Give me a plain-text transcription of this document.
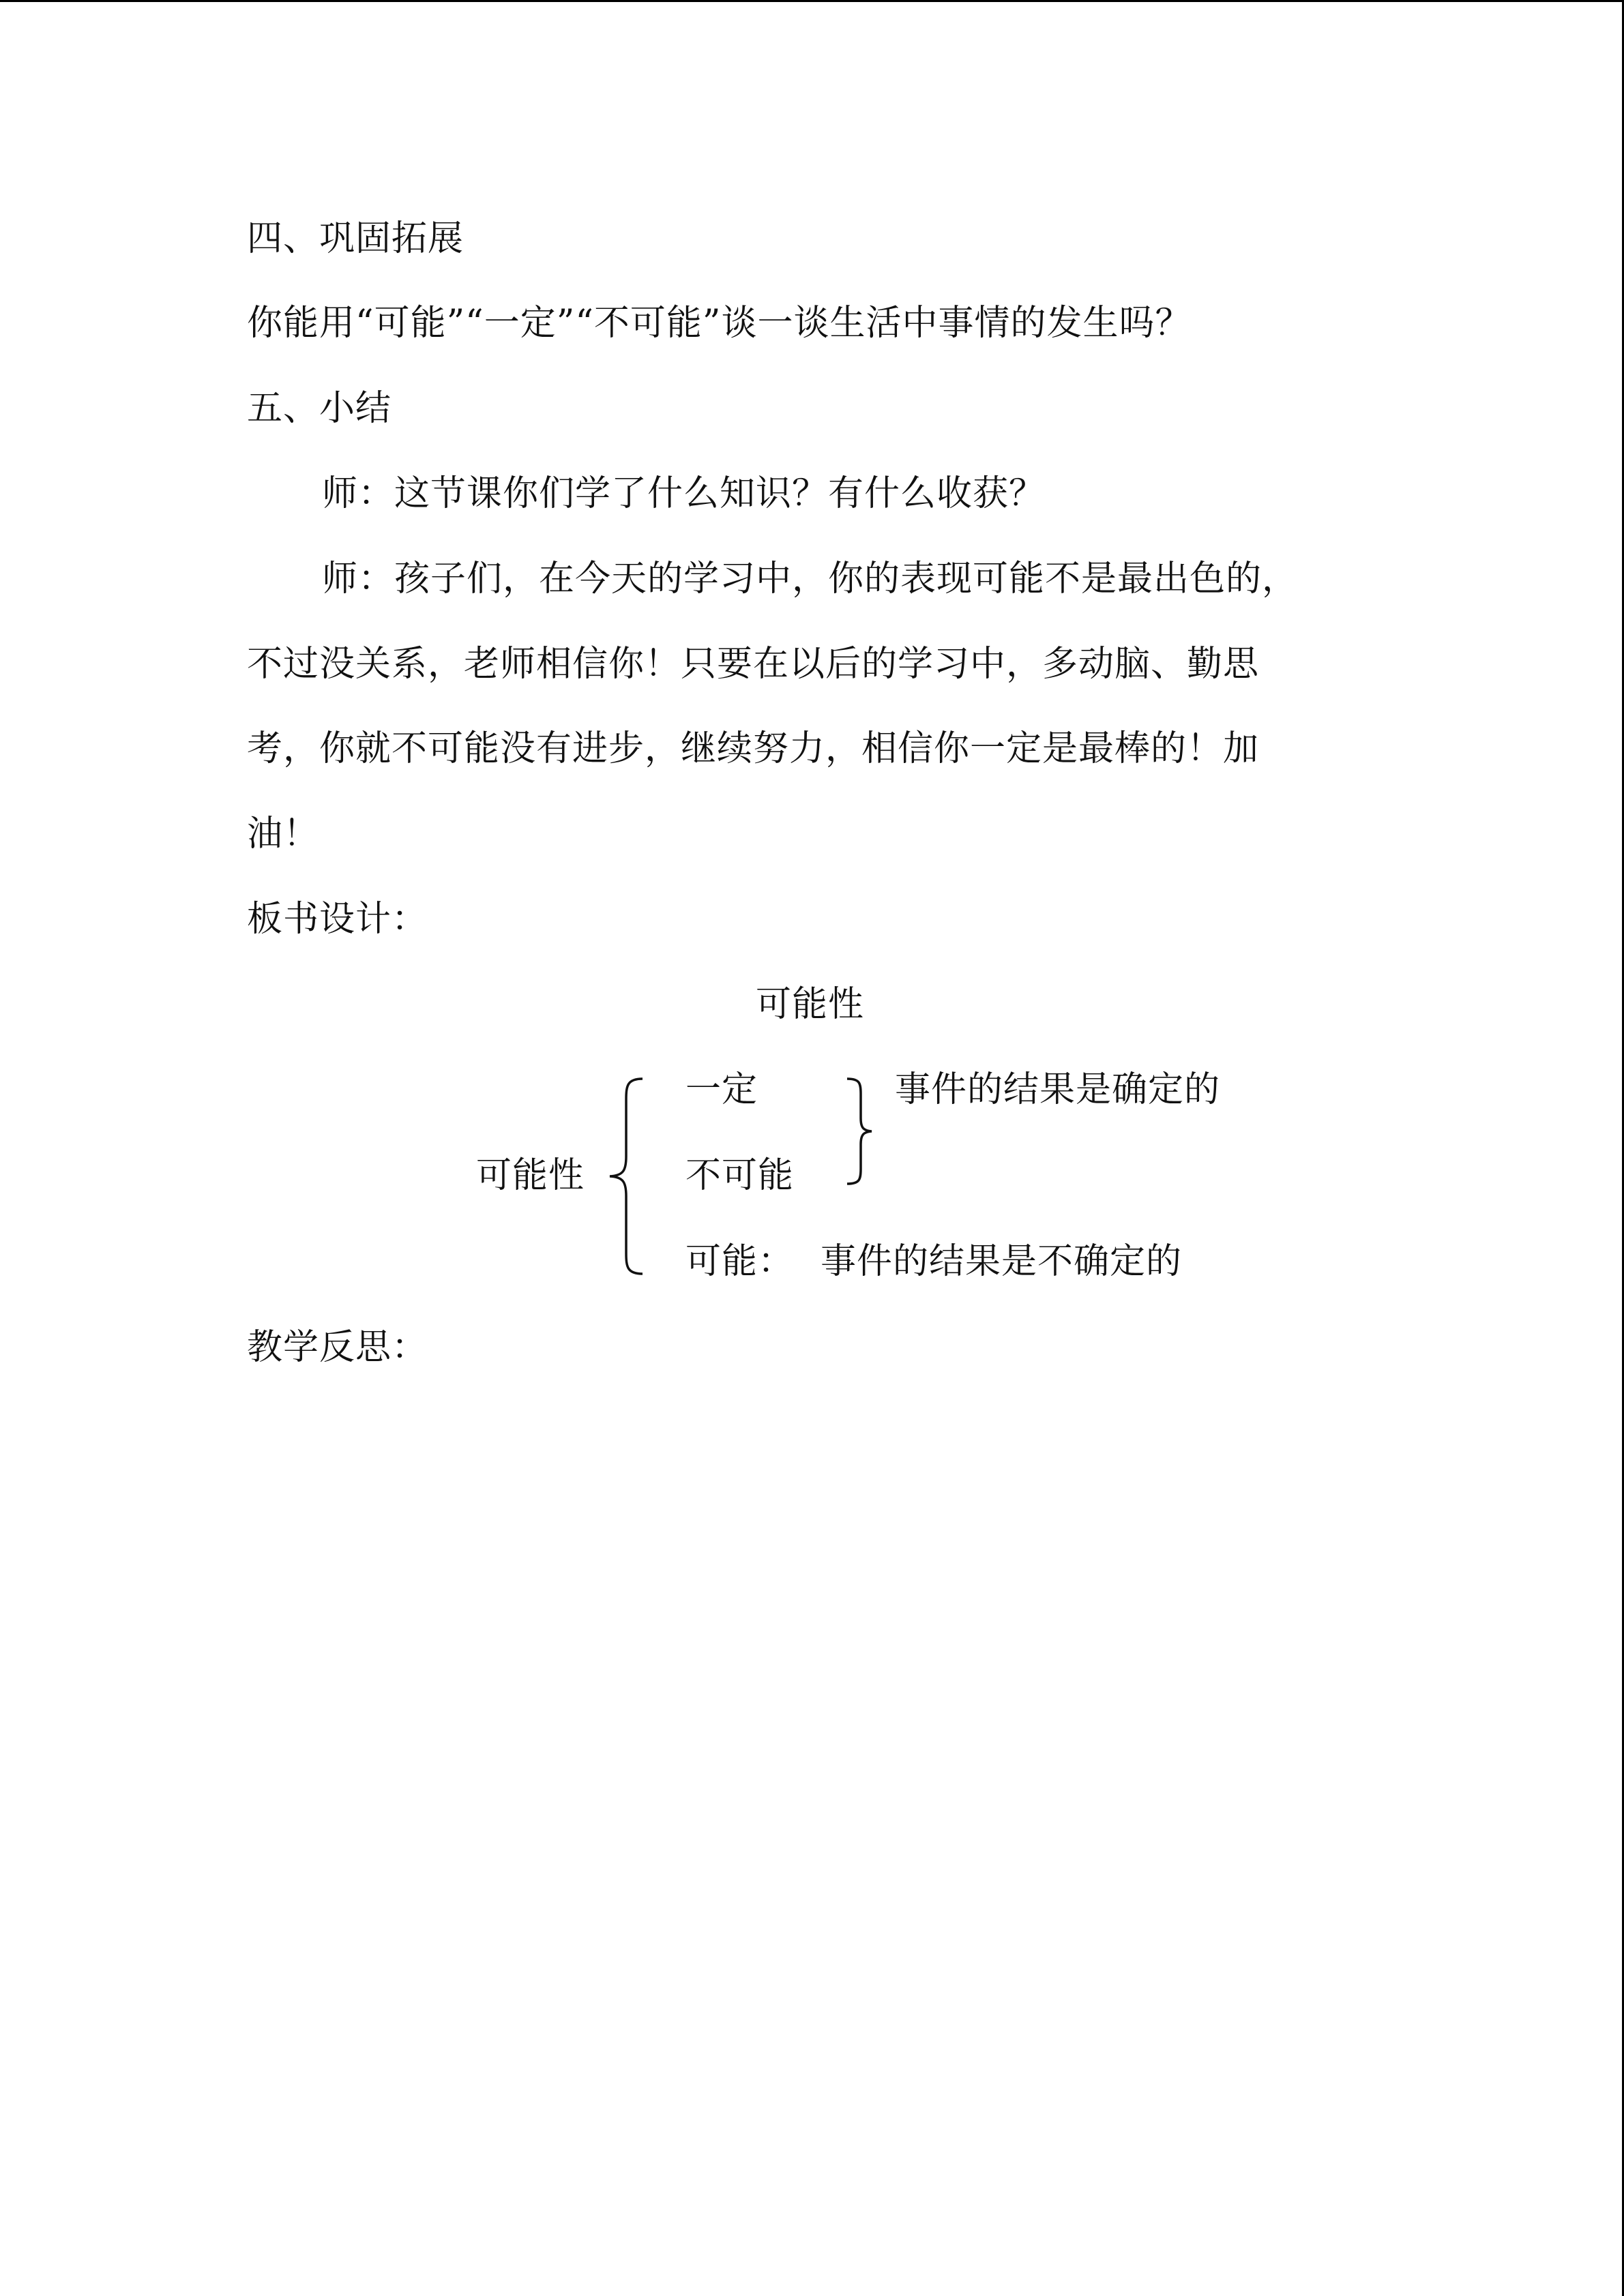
四、巩固拓展
你能用“可能”“一定”“不可能”谈一谈生活中事情的发生吗？
五、小结
师：这节课你们学了什么知识？有什么收获？
师：孩子们，在今天的学习中，你的表现可能不是最出色的，
不过没关系，老师相信你！只要在以后的学习中，多动脑、勤思
考，你就不可能没有进步，继续努力，相信你一定是最棒的！加
油！
板书设计：
可能性
可能性
一定
不可能
可能：
事件的结果是确定的
事件的结果是不确定的
教学反思：
